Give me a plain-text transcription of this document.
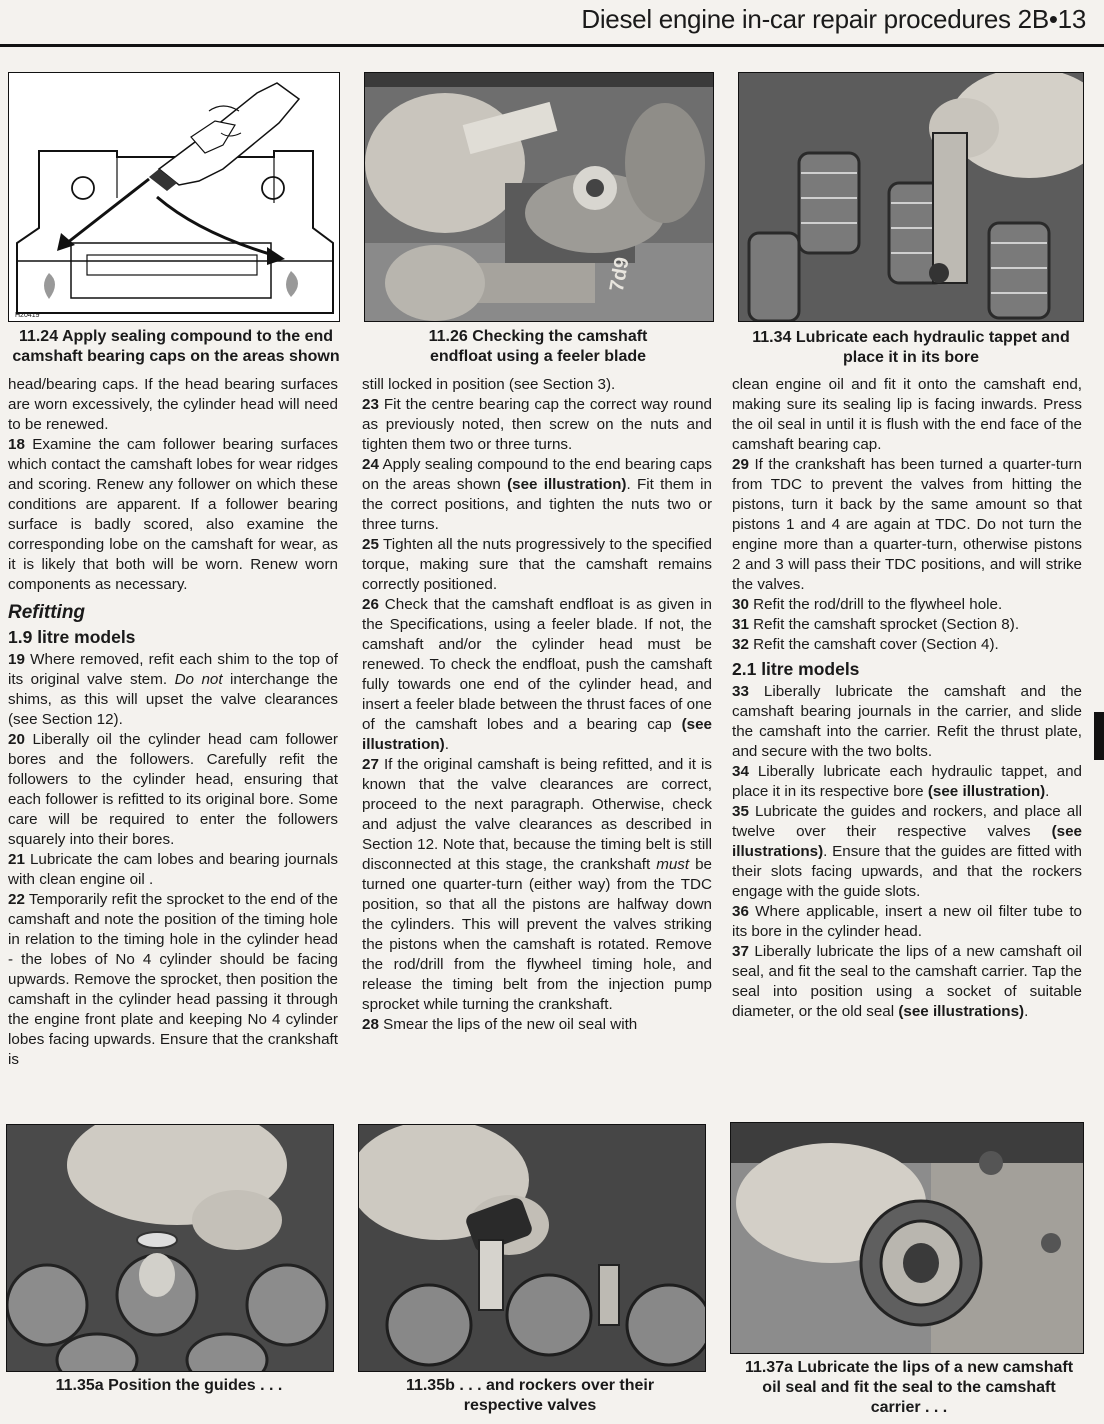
Diesel engine in-car repair procedures 2B•13
H20419
11.24 Apply sealing compound to the end camshaft bearing caps on the areas shown
7d9
11.26 Checking the camshaft endfloat using a feeler blade
11.34 Lubricate each hydraulic tappet and place it in its bore

head/bearing caps. If the head bearing surfaces are worn excessively, the cylinder head will need to be renewed.

18 Examine the cam follower bearing surfaces which contact the camshaft lobes for wear ridges and scoring. Renew any follower on which these conditions are apparent. If a follower bearing surface is badly scored, also examine the corresponding lobe on the camshaft for wear, as it is likely that both will be worn. Renew worn components as necessary.

Refitting
1.9 litre models

19 Where removed, refit each shim to the top of its original valve stem. Do not interchange the shims, as this will upset the valve clearances (see Section 12).

20 Liberally oil the cylinder head cam follower bores and the followers. Carefully refit the followers to the cylinder head, ensuring that each follower is refitted to its original bore. Some care will be required to enter the followers squarely into their bores.

21 Lubricate the cam lobes and bearing journals with clean engine oil .

22 Temporarily refit the sprocket to the end of the camshaft and note the position of the timing hole in relation to the timing hole in the cylinder head - the lobes of No 4 cylinder should be facing upwards. Remove the sprocket, then position the camshaft in the cylinder head passing it through the engine front plate and keeping No 4 cylinder lobes facing upwards. Ensure that the crankshaft is

still locked in position (see Section 3).

23 Fit the centre bearing cap the correct way round as previously noted, then screw on the nuts and tighten them two or three turns.

24 Apply sealing compound to the end bearing caps on the areas shown (see illustration). Fit them in the correct positions, and tighten the nuts two or three turns.

25 Tighten all the nuts progressively to the specified torque, making sure that the camshaft remains correctly positioned.

26 Check that the camshaft endfloat is as given in the Specifications, using a feeler blade. If not, the camshaft and/or the cylinder head must be renewed. To check the endfloat, push the camshaft fully towards one end of the cylinder head, and insert a feeler blade between the thrust faces of one of the camshaft lobes and a bearing cap (see illustration).

27 If the original camshaft is being refitted, and it is known that the valve clearances are correct, proceed to the next paragraph. Otherwise, check and adjust the valve clearances as described in Section 12. Note that, because the timing belt is still disconnected at this stage, the crankshaft must be turned one quarter-turn (either way) from the TDC position, so that all the pistons are halfway down the cylinders. This will prevent the valves striking the pistons when the camshaft is rotated. Remove the rod/drill from the flywheel timing hole, and release the timing belt from the injection pump sprocket while turning the crankshaft.

28 Smear the lips of the new oil seal with

clean engine oil and fit it onto the camshaft end, making sure its sealing lip is facing inwards. Press the oil seal in until it is flush with the end face of the camshaft bearing cap.

29 If the crankshaft has been turned a quarter-turn from TDC to prevent the valves from hitting the pistons, turn it back by the same amount so that pistons 1 and 4 are again at TDC. Do not turn the engine more than a quarter-turn, otherwise pistons 2 and 3 will pass their TDC positions, and will strike the valves.

30 Refit the rod/drill to the flywheel hole.

31 Refit the camshaft sprocket (Section 8).

32 Refit the camshaft cover (Section 4).

2.1 litre models

33 Liberally lubricate the camshaft and the camshaft bearing journals in the carrier, and slide the camshaft into the carrier. Refit the thrust plate, and secure with the two bolts.

34 Liberally lubricate each hydraulic tappet, and place it in its respective bore (see illustration).

35 Lubricate the guides and rockers, and place all twelve over their respective valves (see illustrations). Ensure that the guides are fitted with their slots facing upwards, and that the rockers engage with the guide slots.

36 Where applicable, insert a new oil filter tube to its bore in the cylinder head.

37 Liberally lubricate the lips of a new camshaft oil seal, and fit the seal to the camshaft carrier. Tap the seal into position using a socket of suitable diameter, or the old seal (see illustrations).

11.35a Position the guides . . .	11.35b . . . and rockers over their respective valves
11.37a Lubricate the lips of a new camshaft oil seal and fit the seal to the camshaft carrier . . .
